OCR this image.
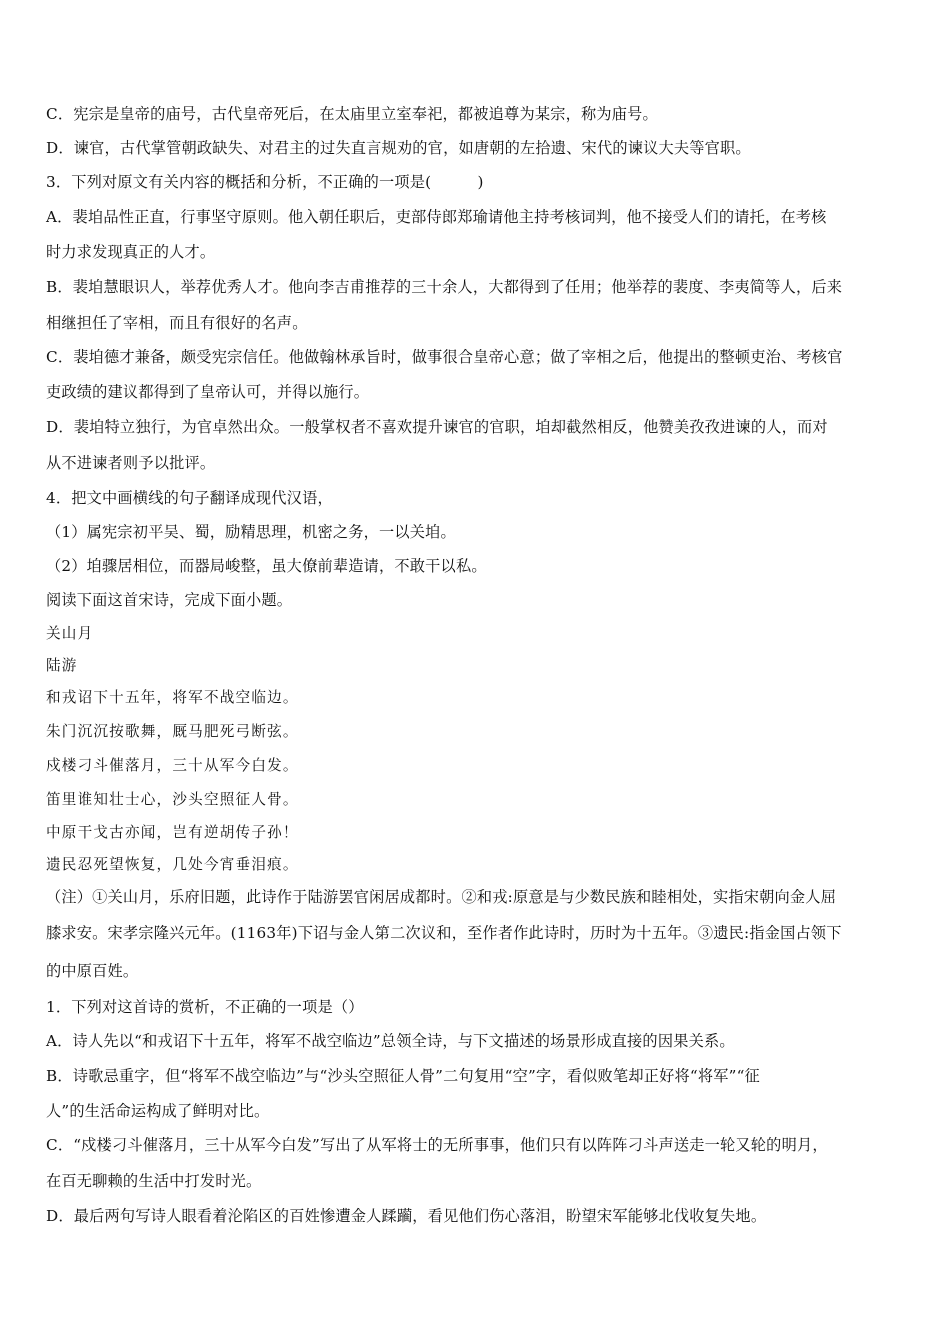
C．宪宗是皇帝的庙号，古代皇帝死后，在太庙里立室奉祀，都被追尊为某宗，称为庙号。
D．谏官，古代掌管朝政缺失、对君主的过失直言规劝的官，如唐朝的左拾遗、宋代的谏议大夫等官职。
3．下列对原文有关内容的概括和分析，不正确的一项是(　　　)
A．裴垍品性正直，行事坚守原则。他入朝任职后，吏部侍郎郑瑜请他主持考核词判，他不接受人们的请托，在考核
时力求发现真正的人才。
B．裴垍慧眼识人，举荐优秀人才。他向李吉甫推荐的三十余人，大都得到了任用；他举荐的裴度、李夷简等人，后来
相继担任了宰相，而且有很好的名声。
C．裴垍德才兼备，颇受宪宗信任。他做翰林承旨时，做事很合皇帝心意；做了宰相之后，他提出的整顿吏治、考核官
吏政绩的建议都得到了皇帝认可，并得以施行。
D．裴垍特立独行，为官卓然出众。一般掌权者不喜欢提升谏官的官职，垍却截然相反，他赞美孜孜进谏的人，而对
从不进谏者则予以批评。
4．把文中画横线的句子翻译成现代汉语，
（1）属宪宗初平吴、蜀，励精思理，机密之务，一以关垍。
（2）垍骤居相位，而器局峻整，虽大僚前辈造请，不敢干以私。
阅读下面这首宋诗，完成下面小题。
关山月
陆游
和戎诏下十五年，将军不战空临边。
朱门沉沉按歌舞，厩马肥死弓断弦。
戍楼刁斗催落月，三十从军今白发。
笛里谁知壮士心，沙头空照征人骨。
中原干戈古亦闻，岂有逆胡传子孙！
遗民忍死望恢复，几处今宵垂泪痕。
（注）①关山月，乐府旧题，此诗作于陆游罢官闲居成都时。②和戎:原意是与少数民族和睦相处，实指宋朝向金人屈
膝求安。宋孝宗隆兴元年。(1163年)下诏与金人第二次议和，至作者作此诗时，历时为十五年。③遗民:指金国占领下
的中原百姓。
1．下列对这首诗的赏析，不正确的一项是（）
A．诗人先以“和戎诏下十五年，将军不战空临边”总领全诗，与下文描述的场景形成直接的因果关系。
B．诗歌忌重字，但“将军不战空临边”与“沙头空照征人骨”二句复用“空”字，看似败笔却正好将“将军”“征
人”的生活命运构成了鲜明对比。
C．“戍楼刁斗催落月，三十从军今白发”写出了从军将士的无所事事，他们只有以阵阵刁斗声送走一轮又轮的明月，
在百无聊赖的生活中打发时光。
D．最后两句写诗人眼看着沦陷区的百姓惨遭金人蹂躏，看见他们伤心落泪，盼望宋军能够北伐收复失地。
